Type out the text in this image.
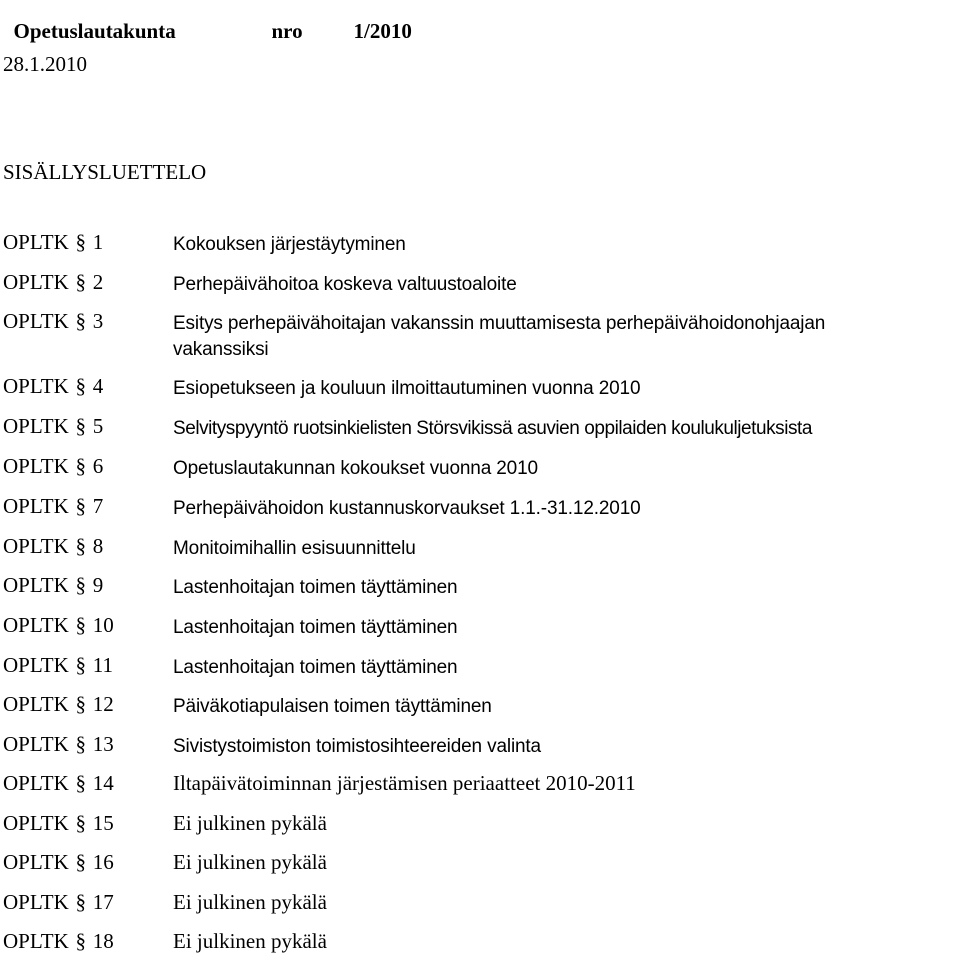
Opetuslautakunta	nro 1/2010

28.1.2010
SISÄLLYSLUETTELO
OPLTK § 1	Kokouksen järjestäytyminen
OPLTK § 2	Perhepäivähoitoa koskeva valtuustoaloite
OPLTK § 3	Esitys perhepäivähoitajan vakanssin muuttamisesta perhepäivähoidonohjaajan
vakanssiksi
OPLTK § 4	Esiopetukseen ja kouluun ilmoittautuminen vuonna 2010
OPLTK § 5	Selvityspyyntö ruotsinkielisten Störsvikissä asuvien oppilaiden koulukuljetuksista
OPLTK § 6	Opetuslautakunnan kokoukset vuonna 2010
OPLTK § 7	Perhepäivähoidon kustannuskorvaukset 1.1.-31.12.2010
OPLTK § 8	Monitoimihallin esisuunnittelu
OPLTK § 9	Lastenhoitajan toimen täyttäminen
OPLTK § 10	Lastenhoitajan toimen täyttäminen
OPLTK § 11	Lastenhoitajan toimen täyttäminen
OPLTK § 12	Päiväkotiapulaisen toimen täyttäminen
OPLTK § 13	Sivistystoimiston toimistosihteereiden valinta
OPLTK § 14	Iltapäivätoiminnan järjestämisen periaatteet 2010-2011
OPLTK § 15	Ei julkinen pykälä
OPLTK § 16	Ei julkinen pykälä
OPLTK § 17	Ei julkinen pykälä
OPLTK § 18	Ei julkinen pykälä
